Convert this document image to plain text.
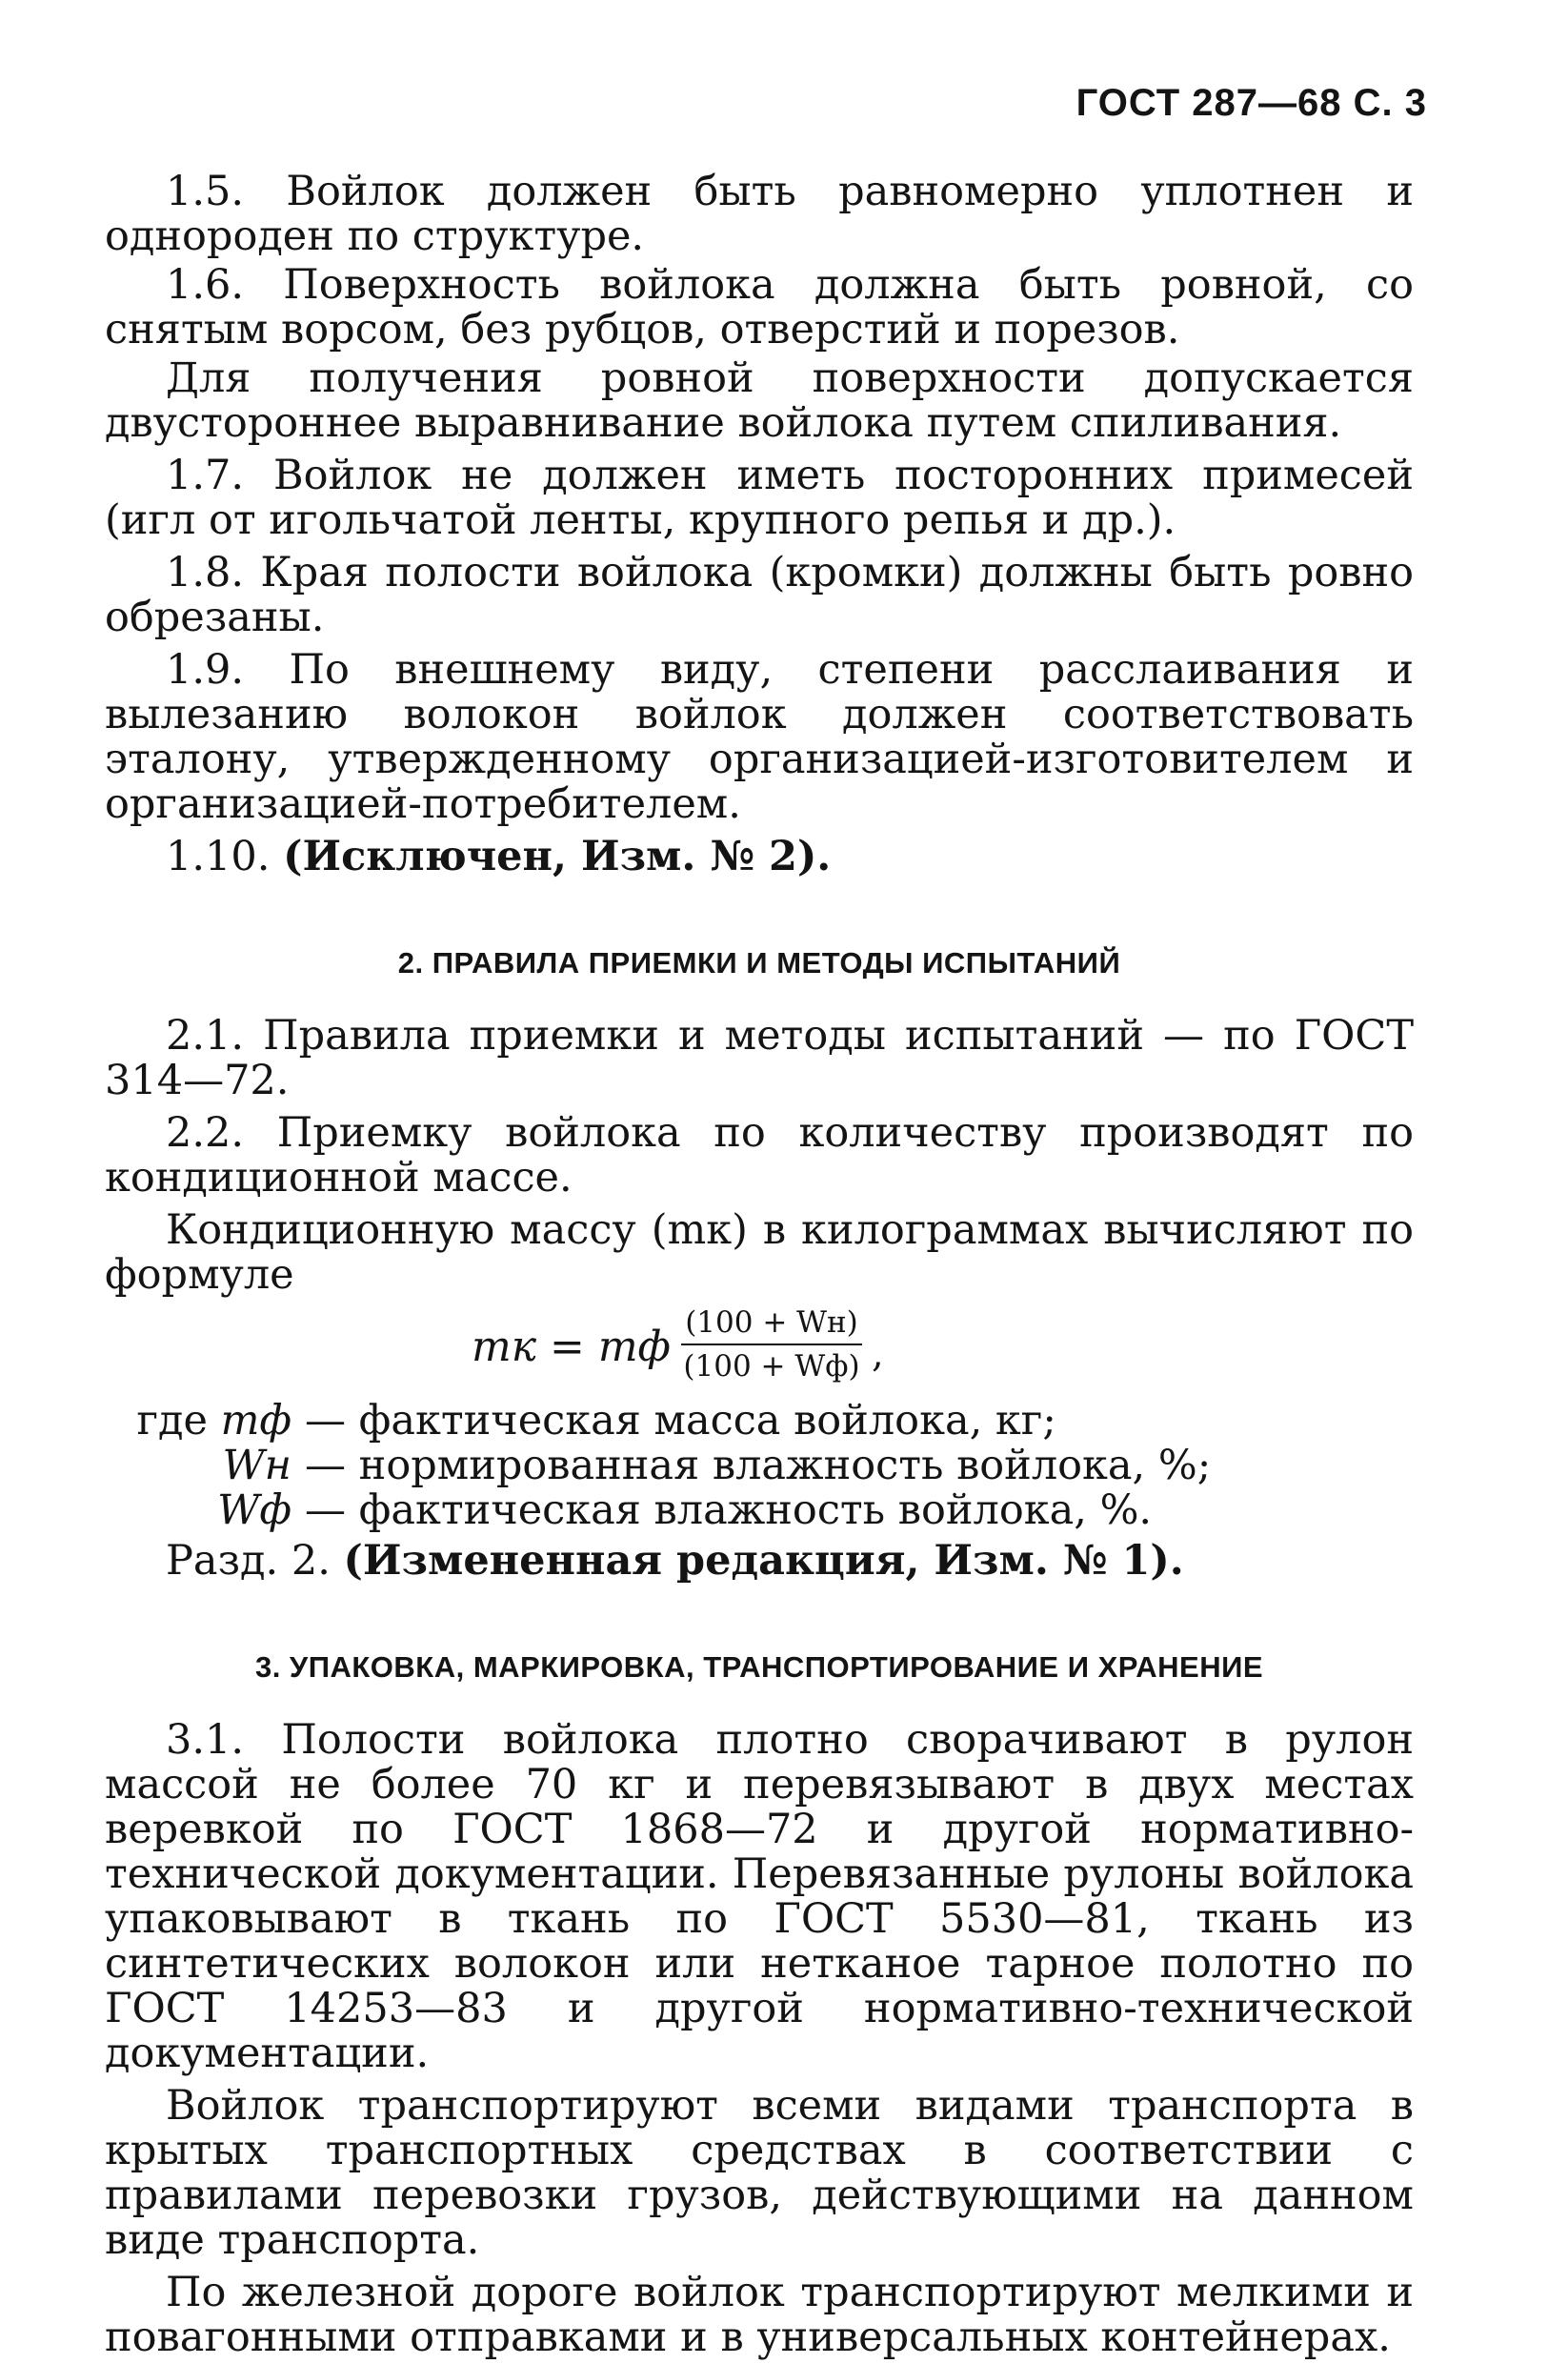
ГОСТ 287—68 С. 3

1.5. Войлок должен быть равномерно уплотнен и однороден по структуре.

1.6. Поверхность войлока должна быть ровной, со снятым ворсом, без рубцов, отверстий и порезов.

Для получения ровной поверхности допускается двустороннее выравнивание войлока путем спиливания.

1.7. Войлок не должен иметь посторонних примесей (игл от игольчатой ленты, крупного репья и др.).

1.8. Края полости войлока (кромки) должны быть ровно обрезаны.

1.9. По внешнему виду, степени расслаивания и вылезанию волокон войлок должен соответствовать эталону, утвержденному организацией-изготовителем и организацией-потребителем.

1.10. (Исключен, Изм. № 2).

2. ПРАВИЛА ПРИЕМКИ И МЕТОДЫ ИСПЫТАНИЙ

2.1. Правила приемки и методы испытаний — по ГОСТ 314—72.

2.2. Приемку войлока по количеству производят по кондиционной массе.

Кондиционную массу (mк) в килограммах вычисляют по формуле

mк = mф (100 + Wн)
(100 + Wф) ,
где mф — фактическая масса войлока, кг;
Wн — нормированная влажность войлока, %;
Wф — фактическая влажность войлока, %.

Разд. 2. (Измененная редакция, Изм. № 1).

3. УПАКОВКА, МАРКИРОВКА, ТРАНСПОРТИРОВАНИЕ И ХРАНЕНИЕ

3.1. Полости войлока плотно сворачивают в рулон массой не более 70 кг и перевязывают в двух местах веревкой по ГОСТ 1868—72 и другой нормативно-технической документации. Перевязанные рулоны войлока упаковывают в ткань по ГОСТ 5530—81, ткань из синтетических волокон или нетканое тарное полотно по ГОСТ 14253—83 и другой нормативно-технической документации.

Войлок транспортируют всеми видами транспорта в крытых транспортных средствах в соответствии с правилами перевозки грузов, действующими на данном виде транспорта.

По железной дороге войлок транспортируют мелкими и повагонными отправками и в универсальных контейнерах.
